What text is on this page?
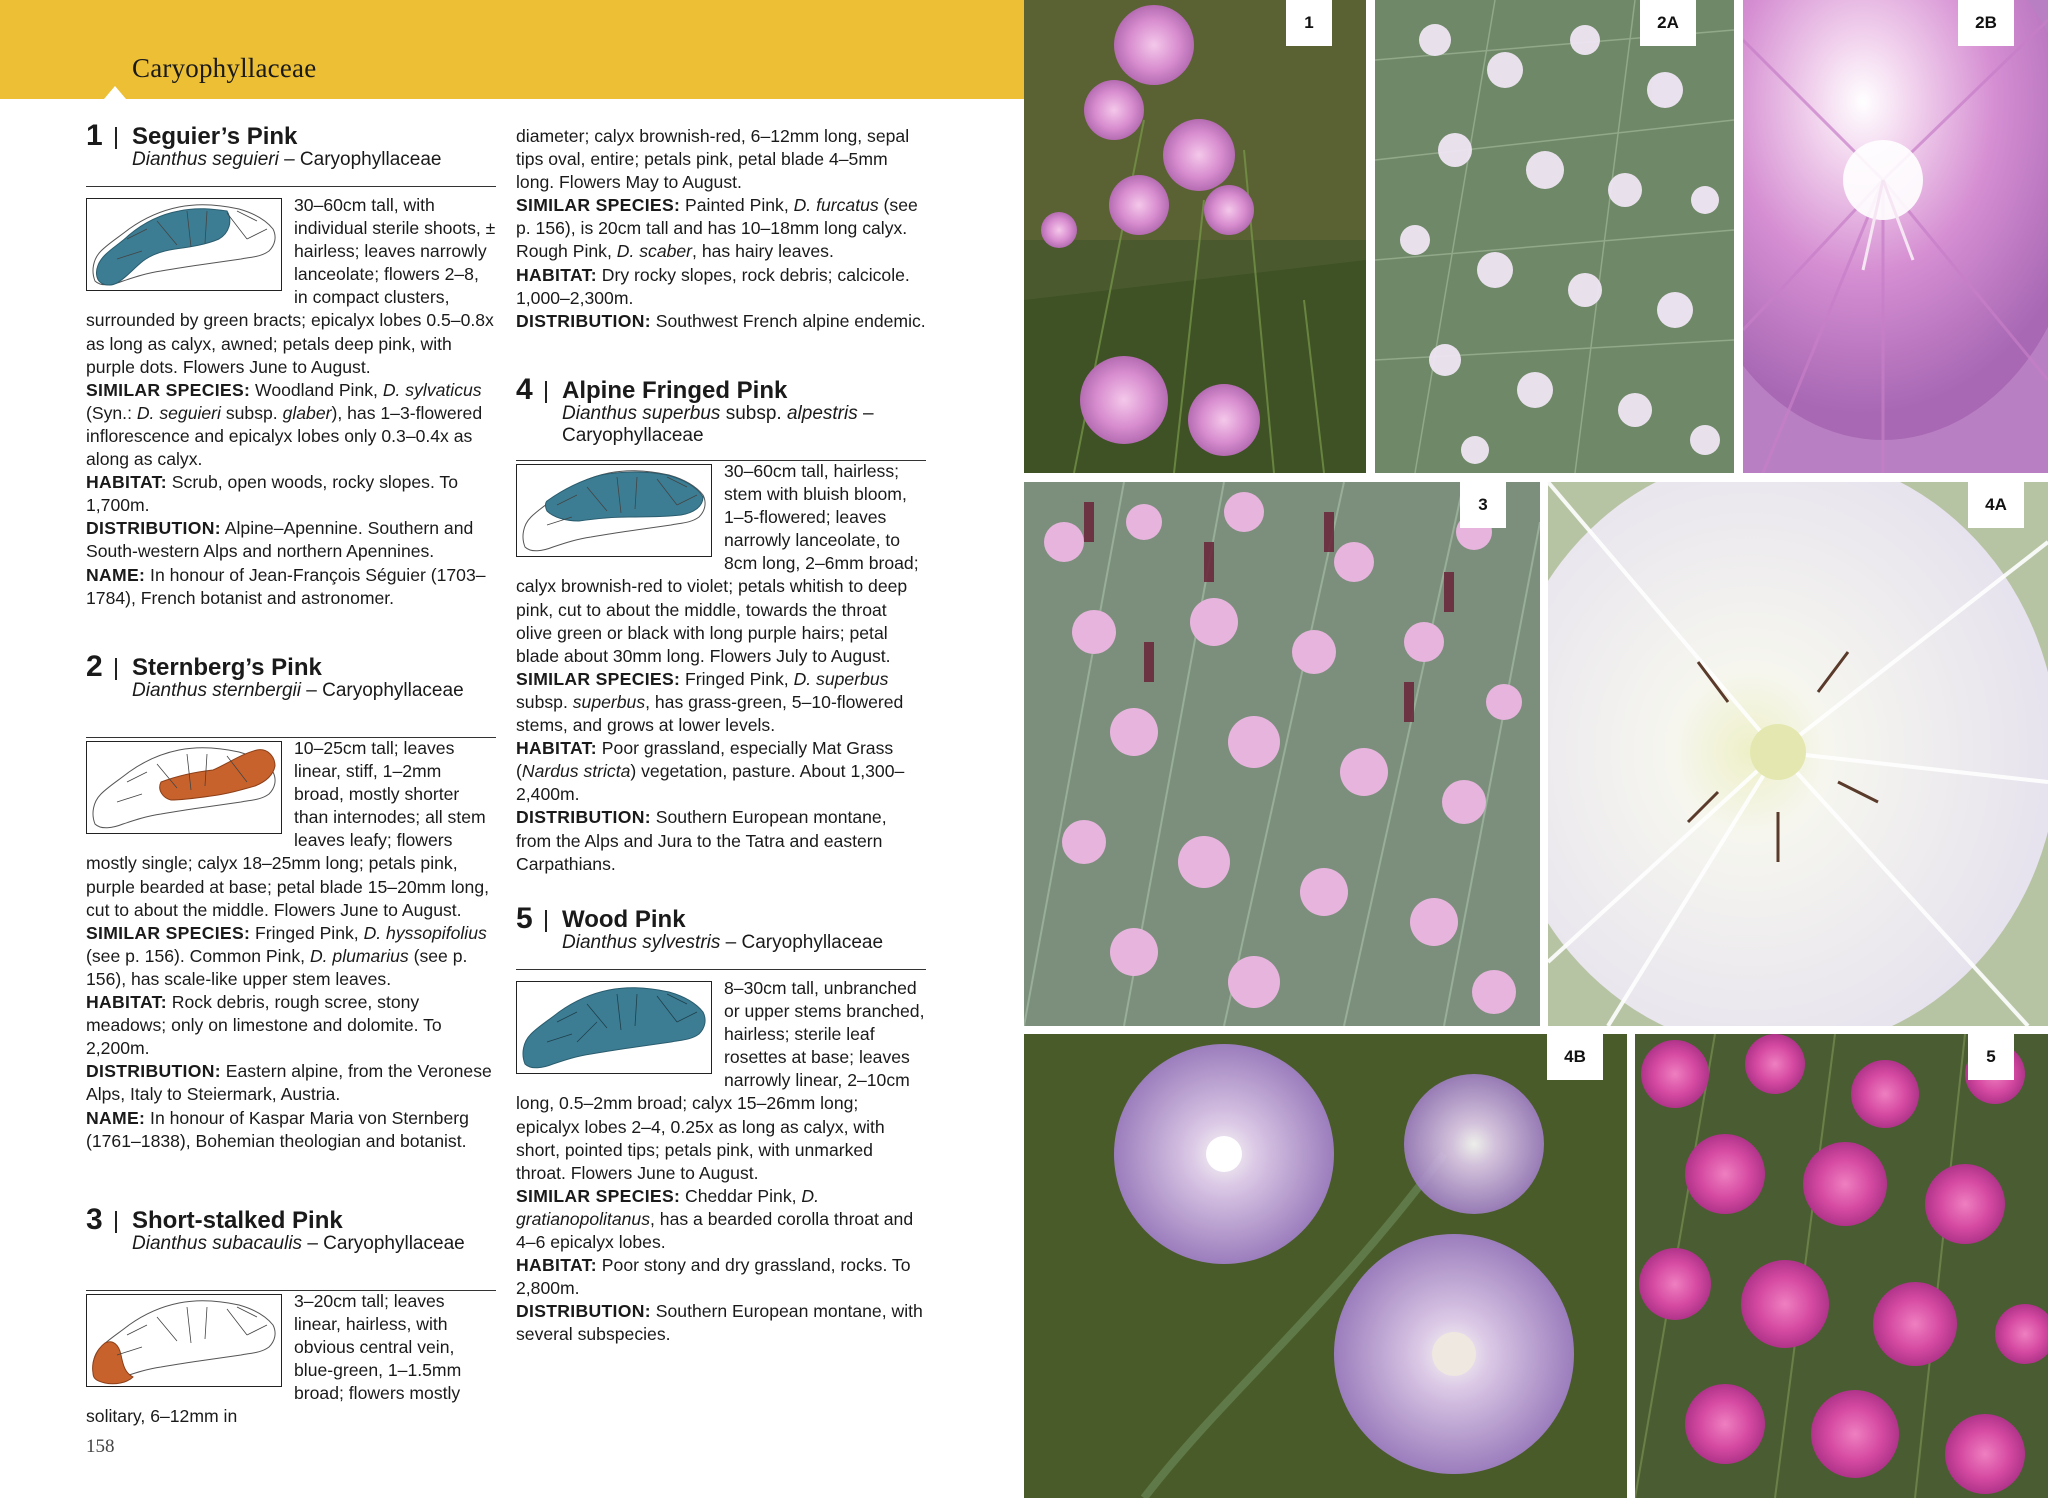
Caryophyllaceae
1 Seguier’s Pink
Dianthus seguieri – Caryophyllaceae

30–60cm tall, with individual sterile shoots, ± hairless; leaves narrowly lanceolate; flowers 2–8, in compact clusters, surrounded by green bracts; epicalyx lobes 0.5–0.8x as long as calyx, awned; petals deep pink, with purple dots. Flowers June to August.
SIMILAR SPECIES: Woodland Pink, D. sylvaticus (Syn.: D. seguieri subsp. glaber), has 1–3-flowered inflorescence and epicalyx lobes only 0.3–0.4x as along as calyx.
HABITAT: Scrub, open woods, rocky slopes. To 1,700m.
DISTRIBUTION: Alpine–Apennine. Southern and South-western Alps and northern Apennines.
NAME: In honour of Jean-François Séguier (1703–1784), French botanist and astronomer.

2 Sternberg’s Pink
Dianthus sternbergii – Caryophyllaceae

10–25cm tall; leaves linear, stiff, 1–2mm broad, mostly shorter than internodes; all stem leaves leafy; flowers mostly single; calyx 18–25mm long; petals pink, purple bearded at base; petal blade 15–20mm long, cut to about the middle. Flowers June to August.
SIMILAR SPECIES: Fringed Pink, D. hyssopifolius (see p. 156). Common Pink, D. plumarius (see p. 156), has scale-like upper stem leaves.
HABITAT: Rock debris, rough scree, stony meadows; only on limestone and dolomite. To 2,200m.
DISTRIBUTION: Eastern alpine, from the Veronese Alps, Italy to Steiermark, Austria.
NAME: In honour of Kaspar Maria von Sternberg (1761–1838), Bohemian theologian and botanist.

3 Short-stalked Pink
Dianthus subacaulis – Caryophyllaceae

3–20cm tall; leaves linear, hairless, with obvious central vein, blue-green, 1–1.5mm broad; flowers mostly solitary, 6–12mm in

diameter; calyx brownish-red, 6–12mm long, sepal tips oval, entire; petals pink, petal blade 4–5mm long. Flowers May to August.
SIMILAR SPECIES: Painted Pink, D. furcatus (see p. 156), is 20cm tall and has 10–18mm long calyx. Rough Pink, D. scaber, has hairy leaves.
HABITAT: Dry rocky slopes, rock debris; calcicole. 1,000–2,300m.
DISTRIBUTION: Southwest French alpine endemic.

4 Alpine Fringed Pink
Dianthus superbus subsp. alpestris – Caryophyllaceae

30–60cm tall, hairless; stem with bluish bloom, 1–5-flowered; leaves narrowly lanceolate, to 8cm long, 2–6mm broad; calyx brownish-red to violet; petals whitish to deep pink, cut to about the middle, towards the throat olive green or black with long purple hairs; petal blade about 30mm long. Flowers July to August.
SIMILAR SPECIES: Fringed Pink, D. superbus subsp. superbus, has grass-green, 5–10-flowered stems, and grows at lower levels.
HABITAT: Poor grassland, especially Mat Grass (Nardus stricta) vegetation, pasture. About 1,300–2,400m.
DISTRIBUTION: Southern European montane, from the Alps and Jura to the Tatra and eastern Carpathians.

5 Wood Pink
Dianthus sylvestris – Caryophyllaceae

8–30cm tall, unbranched or upper stems branched, hairless; sterile leaf rosettes at base; leaves narrowly linear, 2–10cm long, 0.5–2mm broad; calyx 15–26mm long; epicalyx lobes 2–4, 0.25x as long as calyx, with short, pointed tips; petals pink, with unmarked throat. Flowers June to August.
SIMILAR SPECIES: Cheddar Pink, D. gratianopolitanus, has a bearded corolla throat and 4–6 epicalyx lobes.
HABITAT: Poor stony and dry grassland, rocks. To 2,800m.
DISTRIBUTION: Southern European montane, with several subspecies.

158
1	2A	2B
3	4A
4B	5
